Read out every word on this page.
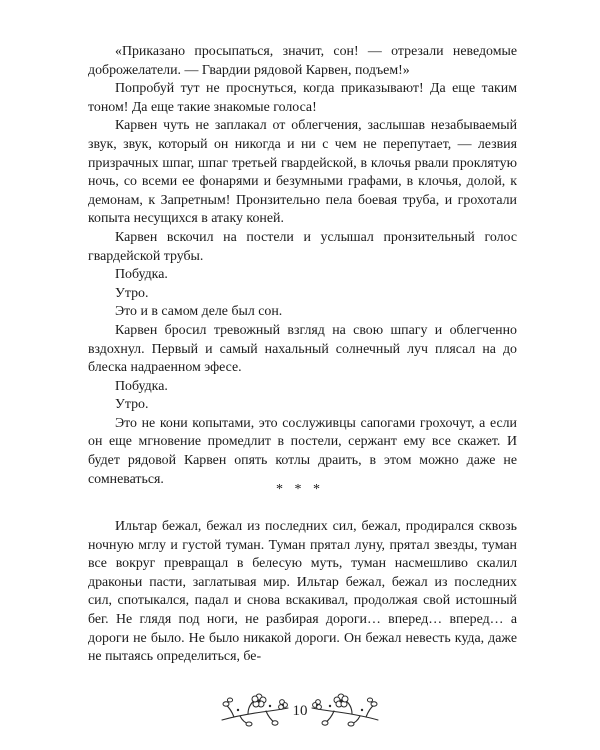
«Приказано просыпаться, значит, сон! — отрезали неведомые доброжелатели. — Гвардии рядовой Карвен, подъем!»

Попробуй тут не проснуться, когда приказывают! Да еще таким тоном! Да еще такие знакомые голоса!

Карвен чуть не заплакал от облегчения, заслышав незабываемый звук, звук, который он никогда и ни с чем не перепутает, — лезвия призрачных шпаг, шпаг третьей гвардейской, в клочья рвали проклятую ночь, со всеми ее фонарями и безумными графами, в клочья, долой, к демонам, к Запретным! Пронзительно пела боевая труба, и грохотали копыта несущихся в атаку коней.

Карвен вскочил на постели и услышал пронзительный голос гвардейской трубы.

Побудка.

Утро.

Это и в самом деле был сон.

Карвен бросил тревожный взгляд на свою шпагу и облегченно вздохнул. Первый и самый нахальный солнечный луч плясал на до блеска надраенном эфесе.

Побудка.

Утро.

Это не кони копытами, это сослуживцы сапогами грохочут, а если он еще мгновение промедлит в постели, сержант ему все скажет. И будет рядовой Карвен опять котлы драить, в этом можно даже не сомневаться.

* * *

Ильтар бежал, бежал из последних сил, бежал, продирался сквозь ночную мглу и густой туман. Туман прятал луну, прятал звезды, туман все вокруг превращал в белесую муть, туман насмешливо скалил драконьи пасти, заглатывая мир. Ильтар бежал, бежал из последних сил, спотыкался, падал и снова вскакивал, продолжая свой истошный бег. Не глядя под ноги, не разбирая дороги… вперед… вперед… а дороги не было. Не было никакой дороги. Он бежал невесть куда, даже не пытаясь определиться, бе-

10
